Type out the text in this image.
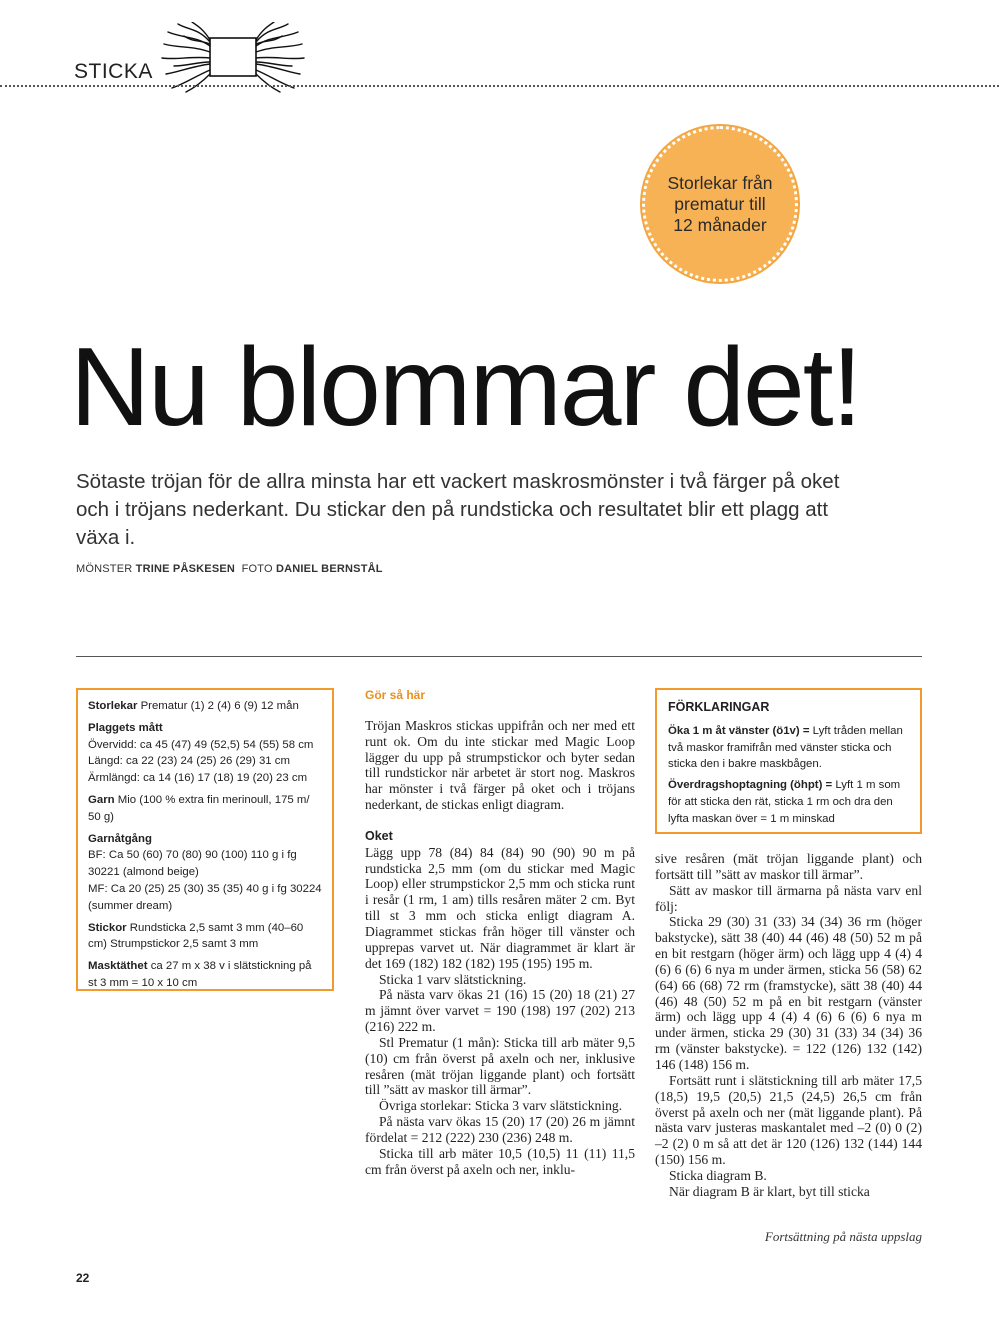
STICKA
Storlekar från prematur till 12 månader
Nu blommar det!
Sötaste tröjan för de allra minsta har ett vackert maskrosmönster i två färger på oket och i tröjans nederkant. Du stickar den på rundsticka och resultatet blir ett plagg att växa i.
MÖNSTER TRINE PÅSKESEN FOTO DANIEL BERNSTÅL

Storlekar Prematur (1) 2 (4) 6 (9) 12 mån

Plaggets mått
Övervidd: ca 45 (47) 49 (52,5) 54 (55) 58 cm
Längd: ca 22 (23) 24 (25) 26 (29) 31 cm
Ärmlängd: ca 14 (16) 17 (18) 19 (20) 23 cm

Garn Mio (100 % extra fin merinoull, 175 m/ 50 g)

Garnåtgång
BF: Ca 50 (60) 70 (80) 90 (100) 110 g i fg 30221 (almond beige)
MF: Ca 20 (25) 25 (30) 35 (35) 40 g i fg 30224 (summer dream)

Stickor Rundsticka 2,5 samt 3 mm (40–60 cm) Strumpstickor 2,5 samt 3 mm

Masktäthet ca 27 m x 38 v i slätstickning på st 3 mm = 10 x 10 cm

Gör så här

Tröjan Maskros stickas uppifrån och ner med ett runt ok. Om du inte stickar med Magic Loop lägger du upp på strumpstickor och byter sedan till rundstickor när arbetet är stort nog. Maskros har mönster i två färger på oket och i tröjans nederkant, de stickas enligt diagram.

Oket

Lägg upp 78 (84) 84 (84) 90 (90) 90 m på rundsticka 2,5 mm (om du stickar med Magic Loop) eller strumpstickor 2,5 mm och sticka runt i resår (1 rm, 1 am) tills resåren mäter 2 cm. Byt till st 3 mm och sticka enligt diagram A. Diagrammet stickas från höger till vänster och upprepas varvet ut. När diagrammet är klart är det 169 (182) 182 (182) 195 (195) 195 m.

Sticka 1 varv slätstickning.

På nästa varv ökas 21 (16) 15 (20) 18 (21) 27 m jämnt över varvet = 190 (198) 197 (202) 213 (216) 222 m.

Stl Prematur (1 mån): Sticka till arb mäter 9,5 (10) cm från överst på axeln och ner, inklusive resåren (mät tröjan liggande plant) och fortsätt till ”sätt av maskor till ärmar”.

Övriga storlekar: Sticka 3 varv slätstickning.

På nästa varv ökas 15 (20) 17 (20) 26 m jämnt fördelat = 212 (222) 230 (236) 248 m.

Sticka till arb mäter 10,5 (10,5) 11 (11) 11,5 cm från överst på axeln och ner, inklu-

FÖRKLARINGAR

Öka 1 m åt vänster (ö1v) = Lyft tråden mellan två maskor framifrån med vänster sticka och sticka den i bakre maskbågen.

Överdragshoptagning (öhpt) = Lyft 1 m som för att sticka den rät, sticka 1 rm och dra den lyfta maskan över = 1 m minskad

sive resåren (mät tröjan liggande plant) och fortsätt till ”sätt av maskor till ärmar”.

Sätt av maskor till ärmarna på nästa varv enl följ:

Sticka 29 (30) 31 (33) 34 (34) 36 rm (höger bakstycke), sätt 38 (40) 44 (46) 48 (50) 52 m på en bit restgarn (höger ärm) och lägg upp 4 (4) 4 (6) 6 (6) 6 nya m under ärmen, sticka 56 (58) 62 (64) 66 (68) 72 rm (framstycke), sätt 38 (40) 44 (46) 48 (50) 52 m på en bit restgarn (vänster ärm) och lägg upp 4 (4) 4 (6) 6 (6) 6 nya m under ärmen, sticka 29 (30) 31 (33) 34 (34) 36 rm (vänster bakstycke). = 122 (126) 132 (142) 146 (148) 156 m.

Fortsätt runt i slätstickning till arb mäter 17,5 (18,5) 19,5 (20,5) 21,5 (24,5) 26,5 cm från överst på axeln och ner (mät liggande plant). På nästa varv justeras maskantalet med –2 (0) 0 (2) –2 (2) 0 m så att det är 120 (126) 132 (144) 144 (150) 156 m.

Sticka diagram B.

När diagram B är klart, byt till sticka

Fortsättning på nästa uppslag
22
